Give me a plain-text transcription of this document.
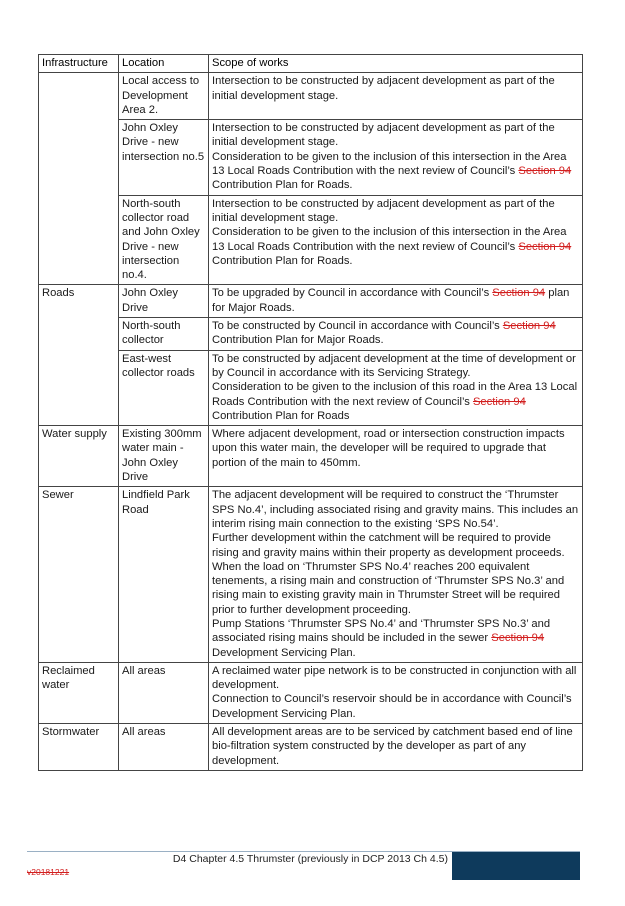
Infrastructure	Location	Scope of works
	Local access to Development Area 2.	Intersection to be constructed by adjacent development as part of the initial development stage.

	John Oxley Drive - new intersection no.5	Intersection to be constructed by adjacent development as part of the initial development stage.
Consideration to be given to the inclusion of this intersection in the Area 13 Local Roads Contribution with the next review of Council’s Section 94 Contribution Plan for Roads.

	North-south collector road and John Oxley Drive - new intersection no.4.	Intersection to be constructed by adjacent development as part of the initial development stage.
Consideration to be given to the inclusion of this intersection in the Area 13 Local Roads Contribution with the next review of Council’s Section 94 Contribution Plan for Roads.

Roads	John Oxley Drive	To be upgraded by Council in accordance with Council’s Section 94 plan for Major Roads.

	North-south collector	To be constructed by Council in accordance with Council’s Section 94 Contribution Plan for Major Roads.

	East-west collector roads	To be constructed by adjacent development at the time of development or by Council in accordance with its Servicing Strategy.
Consideration to be given to the inclusion of this road in the Area 13 Local Roads Contribution with the next review of Council’s Section 94 Contribution Plan for Roads

Water supply	Existing 300mm water main - John Oxley Drive	Where adjacent development, road or intersection construction impacts upon this water main, the developer will be required to upgrade that portion of the main to 450mm.

Sewer	Lindfield Park Road	The adjacent development will be required to construct the ‘Thrumster SPS No.4’, including associated rising and gravity mains. This includes an interim rising main connection to the existing ‘SPS No.54’.
Further development within the catchment will be required to provide rising and gravity mains within their property as development proceeds.
When the load on ‘Thrumster SPS No.4’ reaches 200 equivalent tenements, a rising main and construction of ‘Thrumster SPS No.3’ and rising main to existing gravity main in Thrumster Street will be required prior to further development proceeding.
Pump Stations ‘Thrumster SPS No.4’ and ‘Thrumster SPS No.3’ and associated rising mains should be included in the sewer Section 94 Development Servicing Plan.

Reclaimed water	All areas	A reclaimed water pipe network is to be constructed in conjunction with all development.
Connection to Council’s reservoir should be in accordance with Council’s Development Servicing Plan.

Stormwater	All areas	All development areas are to be serviced by catchment based end of line bio-filtration system constructed by the developer as part of any development.
D4 Chapter 4.5 Thrumster (previously in DCP 2013 Ch 4.5)
v20181221
